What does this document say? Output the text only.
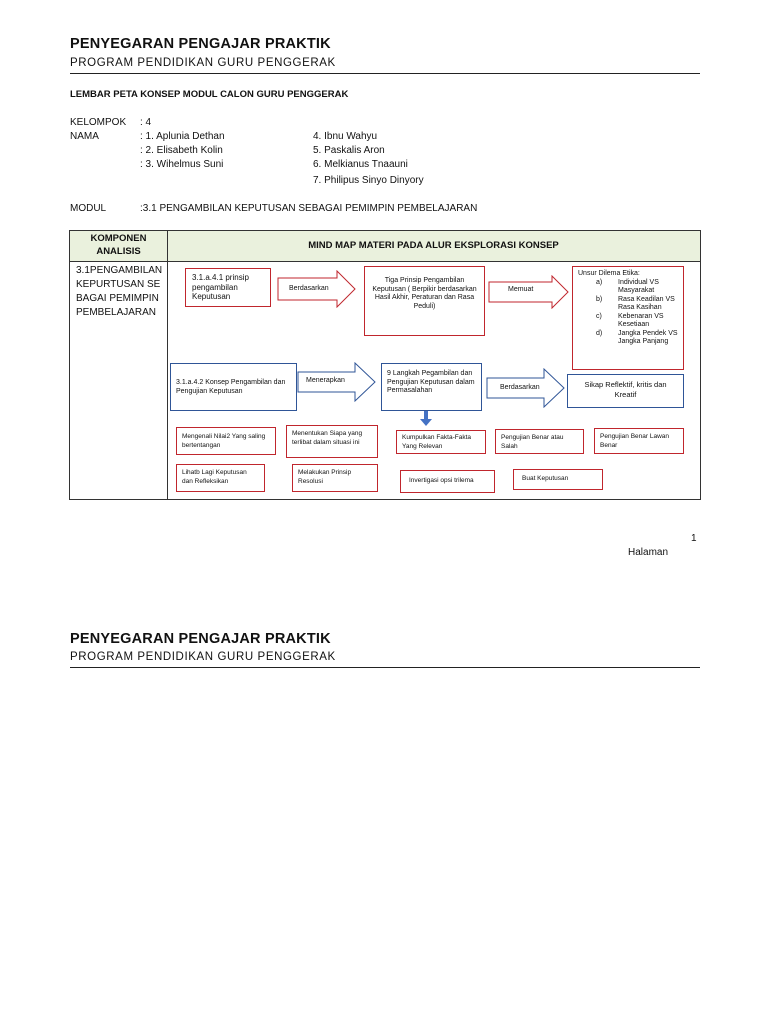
PENYEGARAN PENGAJAR PRAKTIK
PROGRAM PENDIDIKAN GURU PENGGERAK
LEMBAR PETA KONSEP MODUL CALON GURU PENGGERAK
KELOMPOK : 4
NAMA	: 1. Aplunia Dethan
: 2. Elisabeth Kolin
: 3. Wihelmus Suni
4. Ibnu Wahyu
5. Paskalis Aron
6. Melkianus Tnaauni
7. Philipus Sinyo Dinyory
MODUL	:3.1 PENGAMBILAN KEPUTUSAN SEBAGAI PEMIMPIN PEMBELAJARAN
KOMPONEN
ANALISIS
MIND MAP MATERI PADA ALUR EKSPLORASI KONSEP
3.1PENGAMBILAN KEPURTUSAN SEBAGAI PEMIMPIN PEMBELAJARAN
3.1.a.4.1 prinsip pengambilan Keputusan
Berdasarkan
Tiga Prinsip Pengambilan Keputusan ( Berpikir berdasarkan Hasil Akhir, Peraturan dan Rasa Peduli)
Memuat
Unsur Dilema Etika:
a)	Individual VS Masyarakat
b)	Rasa Keadilan VS Rasa Kasihan
c)	Kebenaran VS Kesetiaan
d)	Jangka Pendek VS Jangka Panjang
3.1.a.4.2 Konsep Pengambilan dan Pengujian Keputusan
Menerapkan
9 Langkah Pegambilan dan Pengujian Keputusan dalam Permasalahan	Berdasarkan	Sikap Reflektif, kritis dan Kreatif
Mengenali Nilai2 Yang saling bertentangan
Menentukan Siapa yang terlibat dalam situasi ini
Kumpulkan Fakta-Fakta Yang Relevan
Pengujian Benar atau Salah
Pengujian Benar Lawan Benar
Lihatb Lagi Keputusan dan Refleksikan
Melakukan Prinsip Resolusi	Invertigasi opsi trilema	Buat Keputusan
1
Halaman
PENYEGARAN PENGAJAR PRAKTIK
PROGRAM PENDIDIKAN GURU PENGGERAK
